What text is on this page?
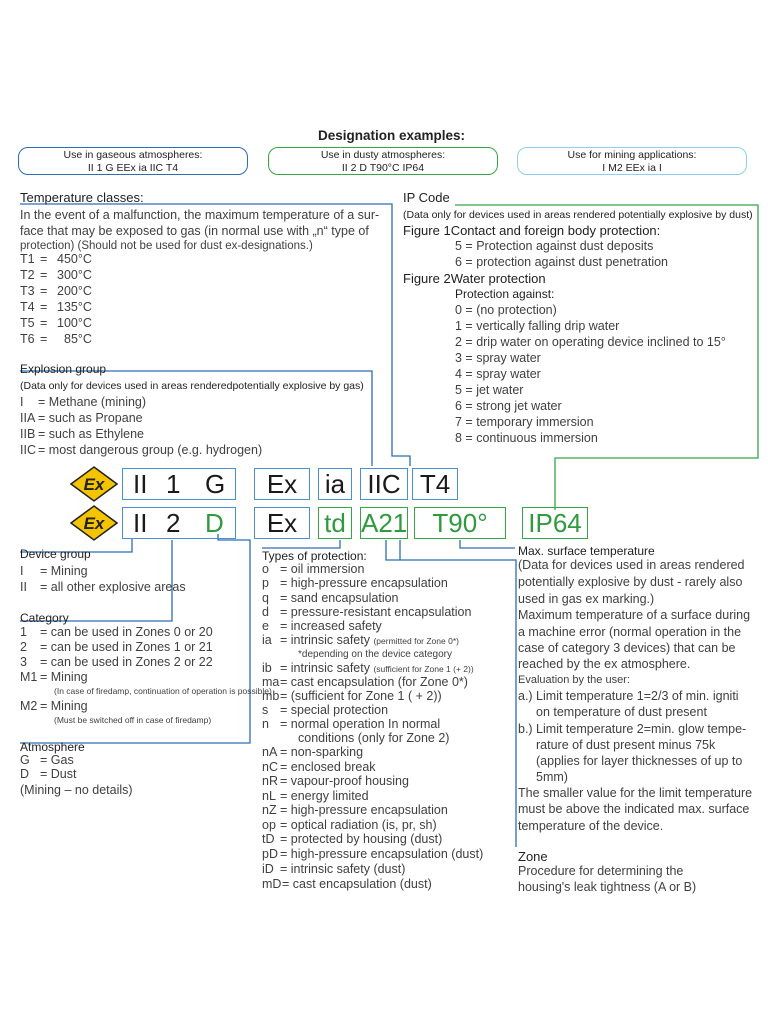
Designation examples:
Use in gaseous atmospheres:
II 1 G EEx ia IIC T4
Use in dusty atmospheres:
II 2 D T90°C IP64
Use for mining applications:
I M2 EEx ia I
Temperature classes:
In the event of a malfunction, the maximum temperature of a sur-
face that may be exposed to gas (in normal use with „n“ type of
protection) (Should not be used for dust ex-designations.)
T1 = 450°C
T2 = 300°C
T3 = 200°C
T4 = 135°C
T5 = 100°C
T6 = 85°C
Explosion group
(Data only for devices used in areas renderedpotentially explosive by gas)
I = Methane (mining)
IIA = such as Propane
IIB = such as Ethylene
IIC = most dangerous group (e.g. hydrogen)
IP Code
(Data only for devices used in areas rendered potentially explosive by dust)
Figure 1Contact and foreign body protection:
5 = Protection against dust deposits
6 = protection against dust penetration
Figure 2Water protection
Protection against:
0 = (no protection)
1 = vertically falling drip water
2 = drip water on operating device inclined to 15°
3 = spray water
4 = spray water
5 = jet water
6 = strong jet water
7 = temporary immersion
8 = continuous immersion
Ex
Ex
II 1 G	Ex	ia IIC T4
II 2 D	Ex	td A21 T90°	IP64
Device group
I = Mining
II = all other explosive areas
Category
1 = can be used in Zones 0 or 20
2 = can be used in Zones 1 or 21
3 = can be used in Zones 2 or 22
M1 = Mining
(In case of firedamp, continuation of operation is possible)
M2 = Mining
(Must be switched off in case of firedamp)
Atmosphere
G = Gas
D = Dust
(Mining – no details)
Types of protection:
o = oil immersion
p = high-pressure encapsulation
q = sand encapsulation
d = pressure-resistant encapsulation
e = increased safety
ia = intrinsic safety (permitted for Zone 0*)
*depending on the device category
ib = intrinsic safety (sufficient for Zone 1 (+ 2))
ma = cast encapsulation (for Zone 0*)
mb = (sufficient for Zone 1 ( + 2))
s = special protection
n = normal operation In normal
conditions (only for Zone 2)
nA = non-sparking
nC = enclosed break
nR = vapour-proof housing
nL = energy limited
nZ = high-pressure encapsulation
op = optical radiation (is, pr, sh)
tD = protected by housing (dust)
pD = high-pressure encapsulation (dust)
iD = intrinsic safety (dust)
mD = cast encapsulation (dust)
Max. surface temperature
(Data for devices used in areas rendered
potentially explosive by dust - rarely also
used in gas ex marking.)
Maximum temperature of a surface during
a machine error (normal operation in the
case of category 3 devices) that can be
reached by the ex atmosphere.
Evaluation by the user:
a.) Limit temperature 1=2/3 of min. igniti
on temperature of dust present
b.) Limit temperature 2=min. glow tempe-
rature of dust present minus 75k
(applies for layer thicknesses of up to
5mm)
The smaller value for the limit temperature
must be above the indicated max. surface
temperature of the device.
Zone
Procedure for determining the
housing's leak tightness (A or B)
